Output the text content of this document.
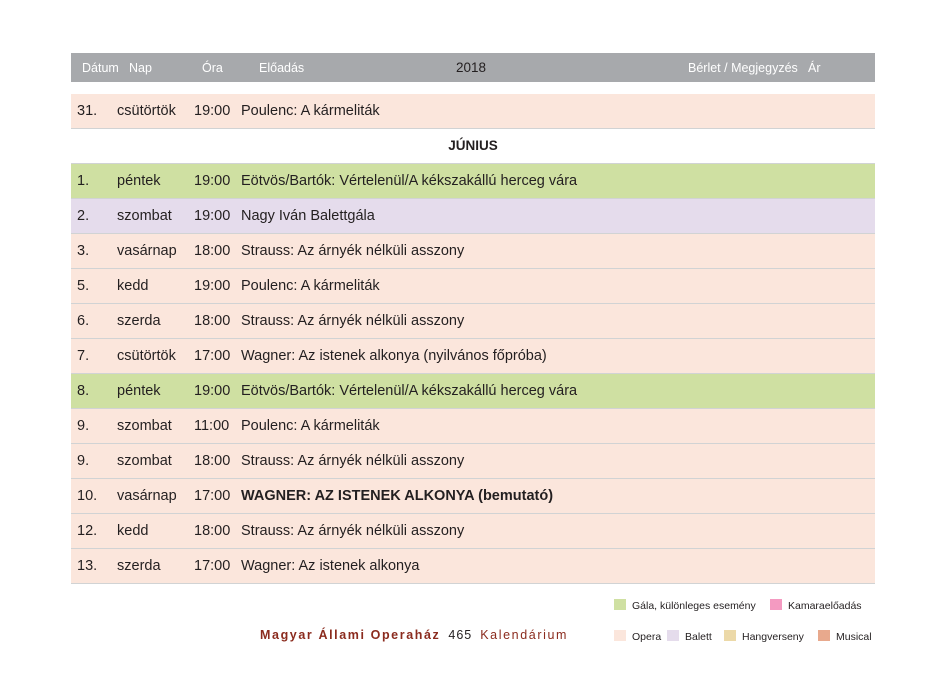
Dátum Nap	Óra	Előadás	2018	Bérlet / Megjegyzés Ár
31. csütörtök 19:00 Poulenc: A kármeliták
JÚNIUS
1. péntek 19:00 Eötvös/Bartók: Vértelenül/A kékszakállú herceg vára
2. szombat 19:00 Nagy Iván Balettgála
3. vasárnap 18:00 Strauss: Az árnyék nélküli asszony
5. kedd	19:00 Poulenc: A kármeliták
6. szerda 18:00 Strauss: Az árnyék nélküli asszony
7. csütörtök 17:00 Wagner: Az istenek alkonya (nyilvános főpróba)
8. péntek 19:00 Eötvös/Bartók: Vértelenül/A kékszakállú herceg vára
9. szombat 11:00 Poulenc: A kármeliták
9. szombat 18:00 Strauss: Az árnyék nélküli asszony
10. vasárnap 17:00 WAGNER: AZ ISTENEK ALKONYA (bemutató)
12. kedd	18:00 Strauss: Az árnyék nélküli asszony
13. szerda 17:00 Wagner: Az istenek alkonya
Gála, különleges esemény	Kamaraelőadás
Opera	Balett	Hangverseny	Musical
Magyar Állami Operaház 465 Kalendárium
